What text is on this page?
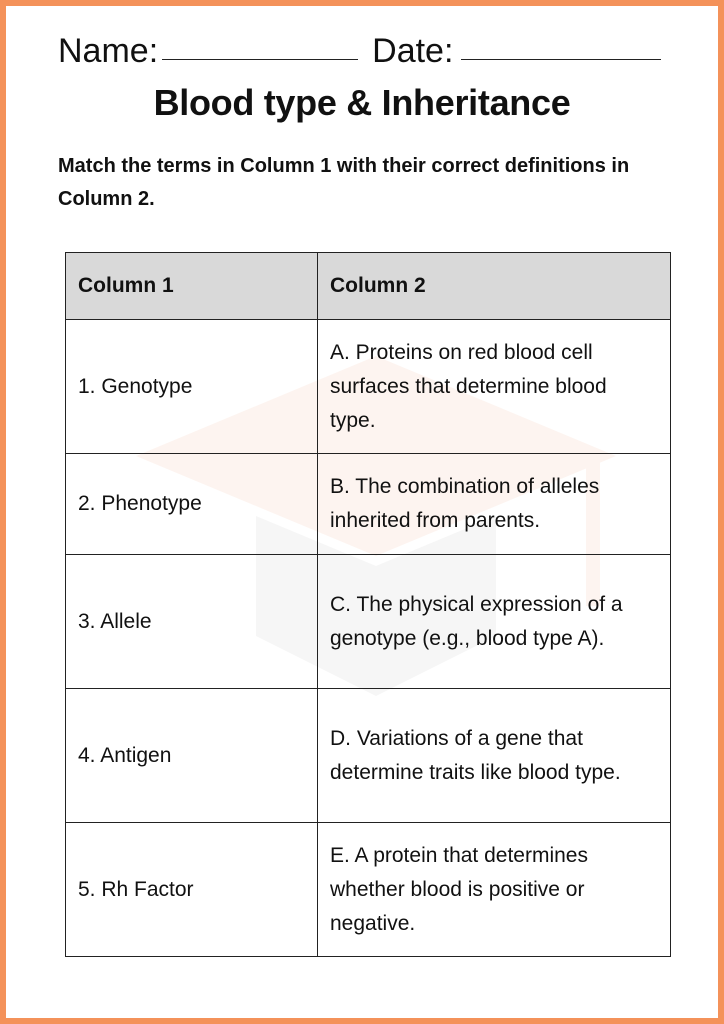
Name:	Date:
Blood type & Inheritance
Match the terms in Column 1 with their correct definitions in Column 2.
Column 1	Column 2
1. Genotype	A. Proteins on red blood cell surfaces that determine blood type.
2. Phenotype	B. The combination of alleles inherited from parents.
3. Allele	C. The physical expression of a genotype (e.g., blood type A).
4. Antigen	D. Variations of a gene that determine traits like blood type.
5. Rh Factor	E. A protein that determines whether blood is positive or negative.
